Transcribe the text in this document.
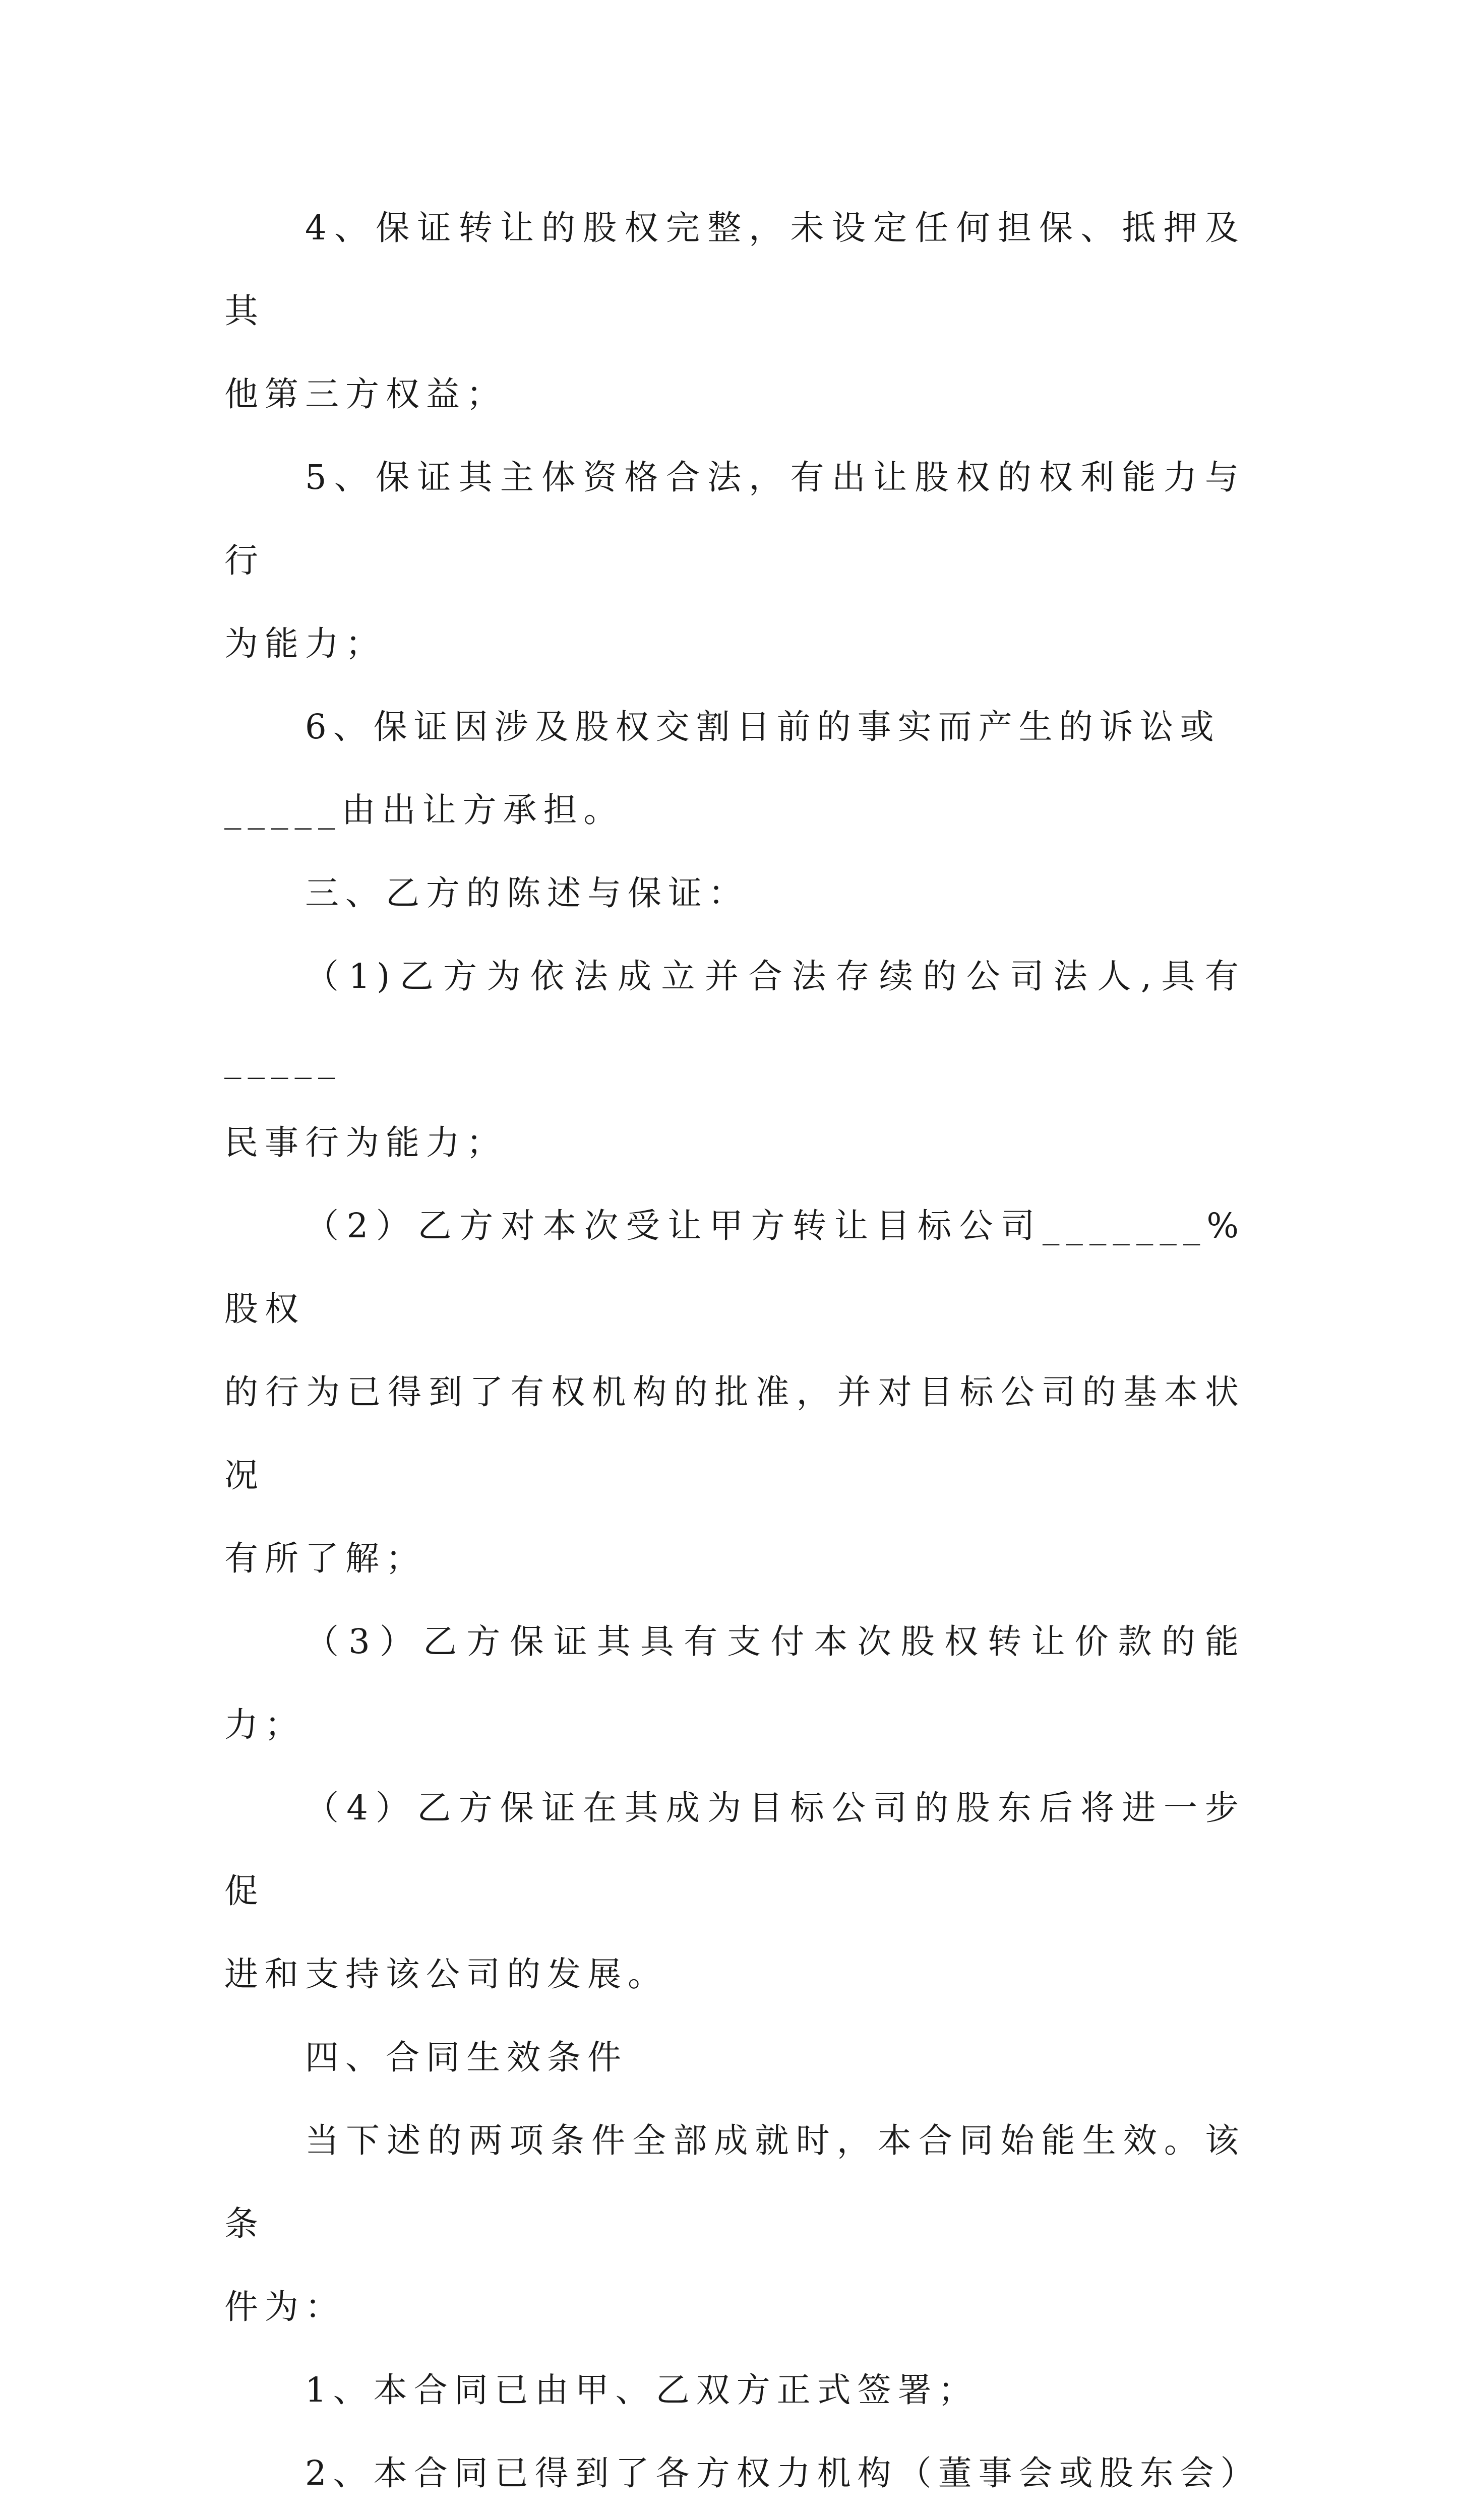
4、保证转让的股权完整，未设定任何担保、抵押及其
他第三方权益；

5、保证其主体资格合法，有出让股权的权利能力与行
为能力；

6、保证因涉及股权交割日前的事实而产生的诉讼或
_____由出让方承担。

三、乙方的陈述与保证：

（1)乙方为依法成立并合法存续的公司法人,具有_____
民事行为能力；

（2）乙方对本次受让甲方转让目标公司_______%股权
的行为已得到了有权机构的批准，并对目标公司的基本状况
有所了解；

（3）乙方保证其具有支付本次股权转让价款的能力；

（4）乙方保证在其成为目标公司的股东后将进一步促
进和支持该公司的发展。

四、合同生效条件

当下述的两项条件全部成就时，本合同始能生效。该条
件为：

1、本合同已由甲、乙双方正式签署；

2、本合同已得到了各方权力机构（董事会或股东会）
